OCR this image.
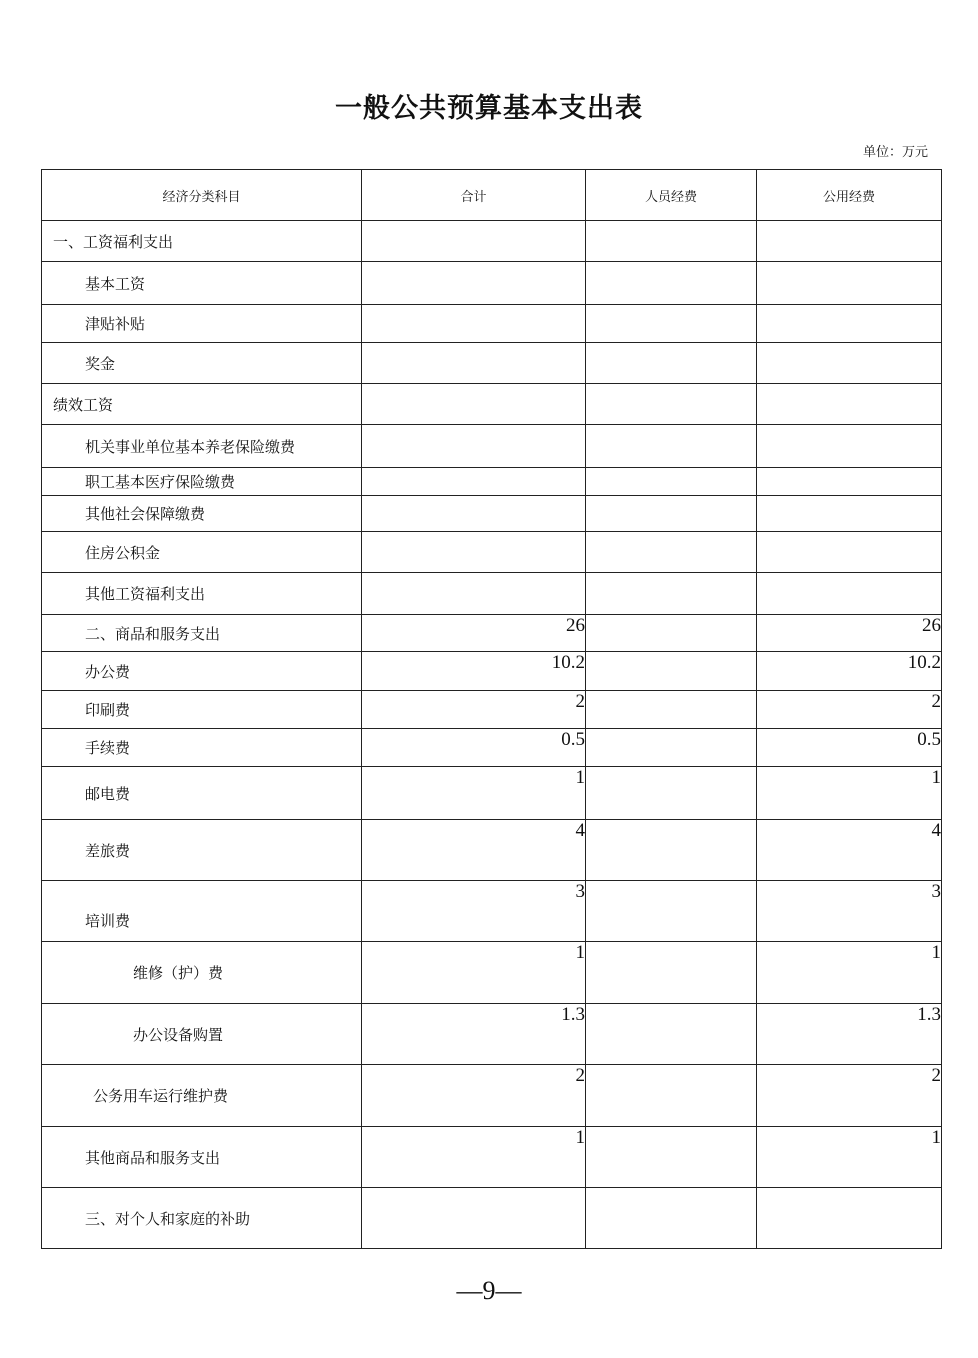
一般公共预算基本支出表
单位：万元
经济分类科目	合计	人员经费	公用经费
一、工资福利支出			
基本工资			
津贴补贴			
奖金			
绩效工资			
机关事业单位基本养老保险缴费			
职工基本医疗保险缴费			
其他社会保障缴费			
住房公积金			
其他工资福利支出			
二、商品和服务支出	26		26
办公费	10.2		10.2
印刷费	2		2
手续费	0.5		0.5
邮电费	1		1
差旅费	4		4
培训费	3		3
维修（护）费	1		1
办公设备购置	1.3		1.3
公务用车运行维护费	2		2
其他商品和服务支出	1		1
三、对个人和家庭的补助			
—9—
